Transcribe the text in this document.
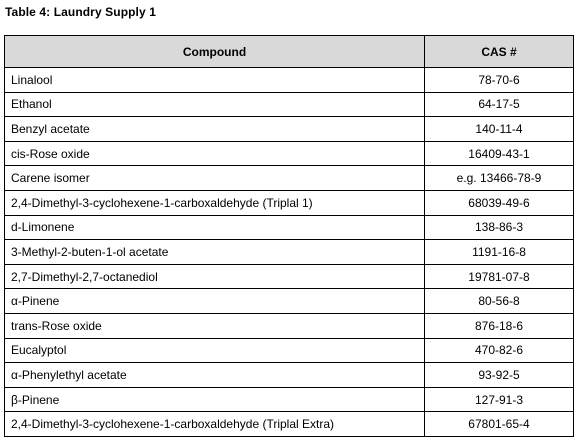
Table 4: Laundry Supply 1
Compound	CAS #
Linalool	78-70-6
Ethanol	64-17-5
Benzyl acetate	140-11-4
cis-Rose oxide	16409-43-1
Carene isomer	e.g. 13466-78-9
2,4-Dimethyl-3-cyclohexene-1-carboxaldehyde (Triplal 1)	68039-49-6
d-Limonene	138-86-3
3-Methyl-2-buten-1-ol acetate	1191-16-8
2,7-Dimethyl-2,7-octanediol	19781-07-8
α-Pinene	80-56-8
trans-Rose oxide	876-18-6
Eucalyptol	470-82-6
α-Phenylethyl acetate	93-92-5
β-Pinene	127-91-3
2,4-Dimethyl-3-cyclohexene-1-carboxaldehyde (Triplal Extra)	67801-65-4
